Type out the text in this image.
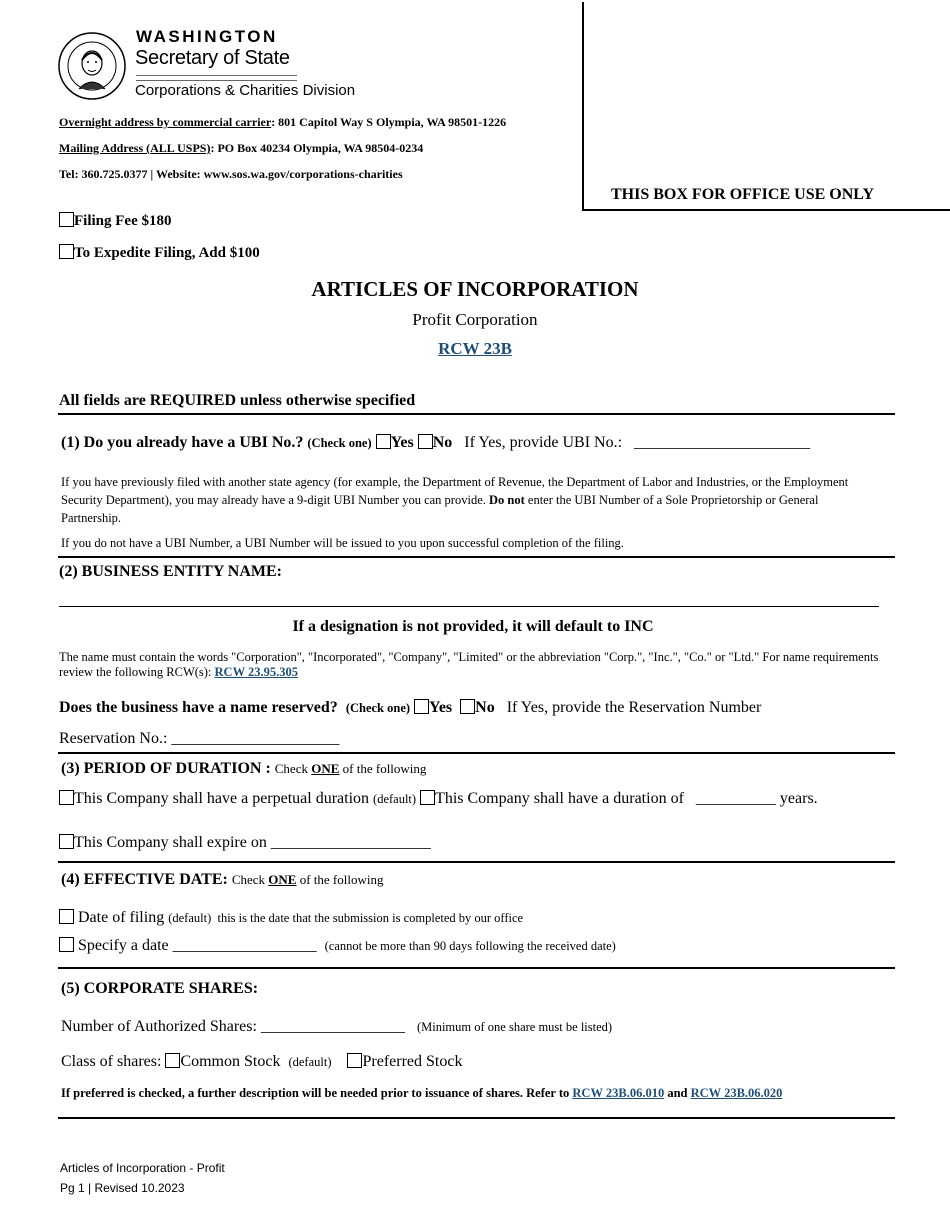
WASHINGTON
Secretary of State
Corporations & Charities Division
Overnight address by commercial carrier: 801 Capitol Way S Olympia, WA 98501-1226
Mailing Address (ALL USPS): PO Box 40234 Olympia, WA 98504-0234
Tel: 360.725.0377 | Website: www.sos.wa.gov/corporations-charities
THIS BOX FOR OFFICE USE ONLY
Filing Fee $180
To Expedite Filing, Add $100
ARTICLES OF INCORPORATION
Profit Corporation
RCW 23B
All fields are REQUIRED unless otherwise specified
(1) Do you already have a UBI No.? (Check one) Yes No If Yes, provide UBI No.: ______________________
If you have previously filed with another state agency (for example, the Department of Revenue, the Department of Labor and Industries, or the Employment Security Department), you may already have a 9-digit UBI Number you can provide. Do not enter the UBI Number of a Sole Proprietorship or General Partnership.
If you do not have a UBI Number, a UBI Number will be issued to you upon successful completion of the filing.
(2) BUSINESS ENTITY NAME:
If a designation is not provided, it will default to INC
The name must contain the words "Corporation", "Incorporated", "Company", "Limited" or the abbreviation "Corp.", "Inc.", "Co." or "Ltd." For name requirements review the following RCW(s): RCW 23.95.305
Does the business have a name reserved? (Check one) Yes No If Yes, provide the Reservation Number
Reservation No.: _____________________
(3) PERIOD OF DURATION : Check ONE of the following
This Company shall have a perpetual duration (default) This Company shall have a duration of __________ years.
This Company shall expire on ____________________
(4) EFFECTIVE DATE: Check ONE of the following
Date of filing (default) this is the date that the submission is completed by our office
Specify a date __________________ (cannot be more than 90 days following the received date)
(5) CORPORATE SHARES:
Number of Authorized Shares: __________________ (Minimum of one share must be listed)
Class of shares: Common Stock (default) Preferred Stock
If preferred is checked, a further description will be needed prior to issuance of shares. Refer to RCW 23B.06.010 and RCW 23B.06.020
Articles of Incorporation - Profit
Pg 1 | Revised 10.2023
